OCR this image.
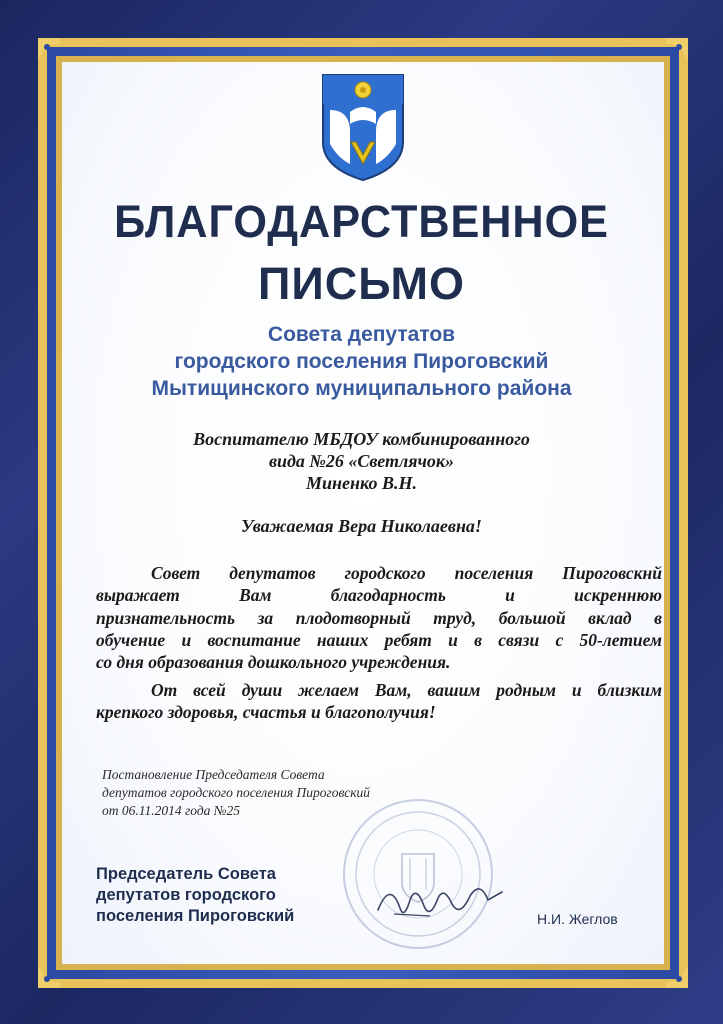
БЛАГОДАРСТВЕННОЕ
ПИСЬМО
Совета депутатов
городского поселения Пироговский
Мытищинского муниципального района
Воспитателю МБДОУ комбинированного
вида №26 «Светлячок»
Миненко В.Н.
Уважаемая Вера Николаевна!
Совет депутатов городского поселения Пироговскнй
выражает Вам благодарность и искреннюю
признательность за плодотворный труд, большой вклад в
обучение и воспитание наших ребят и в связи с 50-летием
со дня образования дошкольного учреждения.
От всей души желаем Вам, вашим родным и близким
крепкого здоровья, счастья и благополучия!
Постановление Председателя Совета
депутатов городского поселения Пироговский
от 06.11.2014 года №25
Председатель Совета
депутатов городского
поселения Пироговский	Н.И. Жеглов
